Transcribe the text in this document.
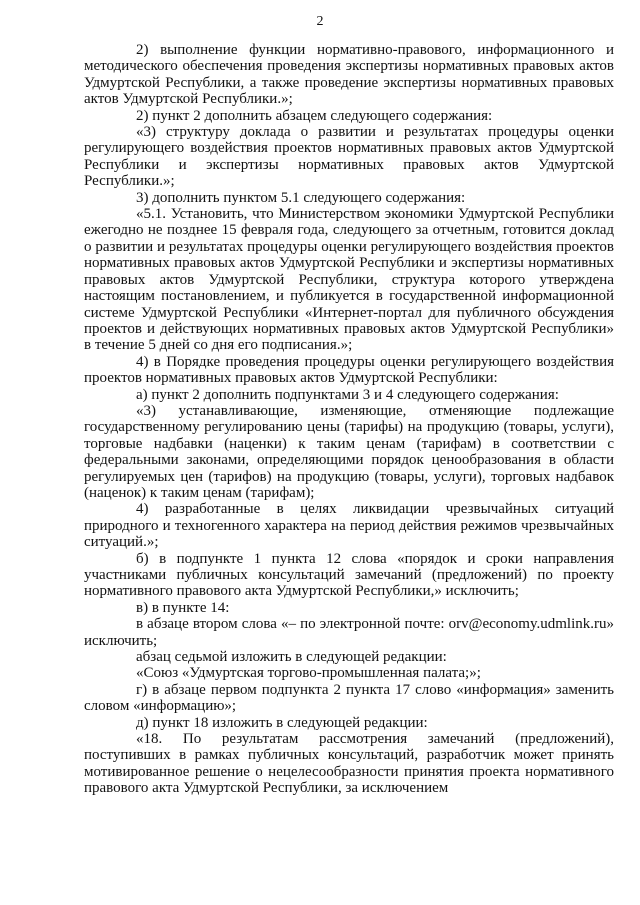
2

2) выполнение функции нормативно-правового, информационного и методического обеспечения проведения экспертизы нормативных правовых актов Удмуртской Республики, а также проведение экспертизы нормативных правовых актов Удмуртской Республики.»;

2) пункт 2 дополнить абзацем следующего содержания:

«3) структуру доклада о развитии и результатах процедуры оценки регулирующего воздействия проектов нормативных правовых актов Удмуртской Республики и экспертизы нормативных правовых актов Удмуртской Республики.»;

3) дополнить пунктом 5.1 следующего содержания:

«5.1. Установить, что Министерством экономики Удмуртской Республики ежегодно не позднее 15 февраля года, следующего за отчетным, готовится доклад о развитии и результатах процедуры оценки регулирующего воздействия проектов нормативных правовых актов Удмуртской Республики и экспертизы нормативных правовых актов Удмуртской Республики, структура которого утверждена настоящим постановлением, и публикуется в государственной информационной системе Удмуртской Республики «Интернет-портал для публичного обсуждения проектов и действующих нормативных правовых актов Удмуртской Республики» в течение 5 дней со дня его подписания.»;

4) в Порядке проведения процедуры оценки регулирующего воздействия проектов нормативных правовых актов Удмуртской Республики:

а) пункт 2 дополнить подпунктами 3 и 4 следующего содержания:

«3) устанавливающие, изменяющие, отменяющие подлежащие государственному регулированию цены (тарифы) на продукцию (товары, услуги), торговые надбавки (наценки) к таким ценам (тарифам) в соответствии с федеральными законами, определяющими порядок ценообразования в области регулируемых цен (тарифов) на продукцию (товары, услуги), торговых надбавок (наценок) к таким ценам (тарифам);

4) разработанные в целях ликвидации чрезвычайных ситуаций природного и техногенного характера на период действия режимов чрезвычайных ситуаций.»;

б) в подпункте 1 пункта 12 слова «порядок и сроки направления участниками публичных консультаций замечаний (предложений) по проекту нормативного правового акта Удмуртской Республики,» исключить;

в) в пункте 14:

в абзаце втором слова «– по электронной почте: orv@economy.udmlink.ru» исключить;

абзац седьмой изложить в следующей редакции:

«Союз «Удмуртская торгово-промышленная палата;»;

г) в абзаце первом подпункта 2 пункта 17 слово «информация» заменить словом «информацию»;

д) пункт 18 изложить в следующей редакции:

«18. По результатам рассмотрения замечаний (предложений), поступивших в рамках публичных консультаций, разработчик может принять мотивированное решение о нецелесообразности принятия проекта нормативного правового акта Удмуртской Республики, за исключением
